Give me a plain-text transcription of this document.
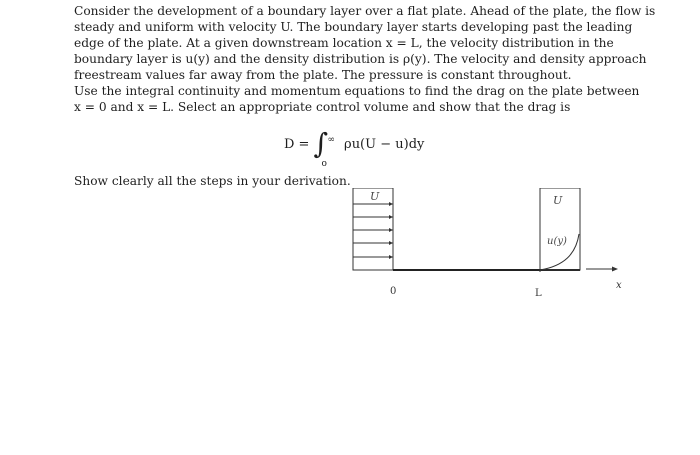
Consider the development of a boundary layer over a flat plate. Ahead of the plate, the flow is
steady and uniform with velocity U. The boundary layer starts developing past the leading
edge of the plate. At a given downstream location x = L, the velocity distribution in the
boundary layer is u(y) and the density distribution is ρ(y). The velocity and density approach
freestream values far away from the plate. The pressure is constant throughout.
Use the integral continuity and momentum equations to find the drag on the plate between
x = 0 and x = L. Select an appropriate control volume and show that the drag is
D = ∫ ∞
o
ρu(U − u)dy
Show clearly all the steps in your derivation.
U	U
u(y)
0	L
x
